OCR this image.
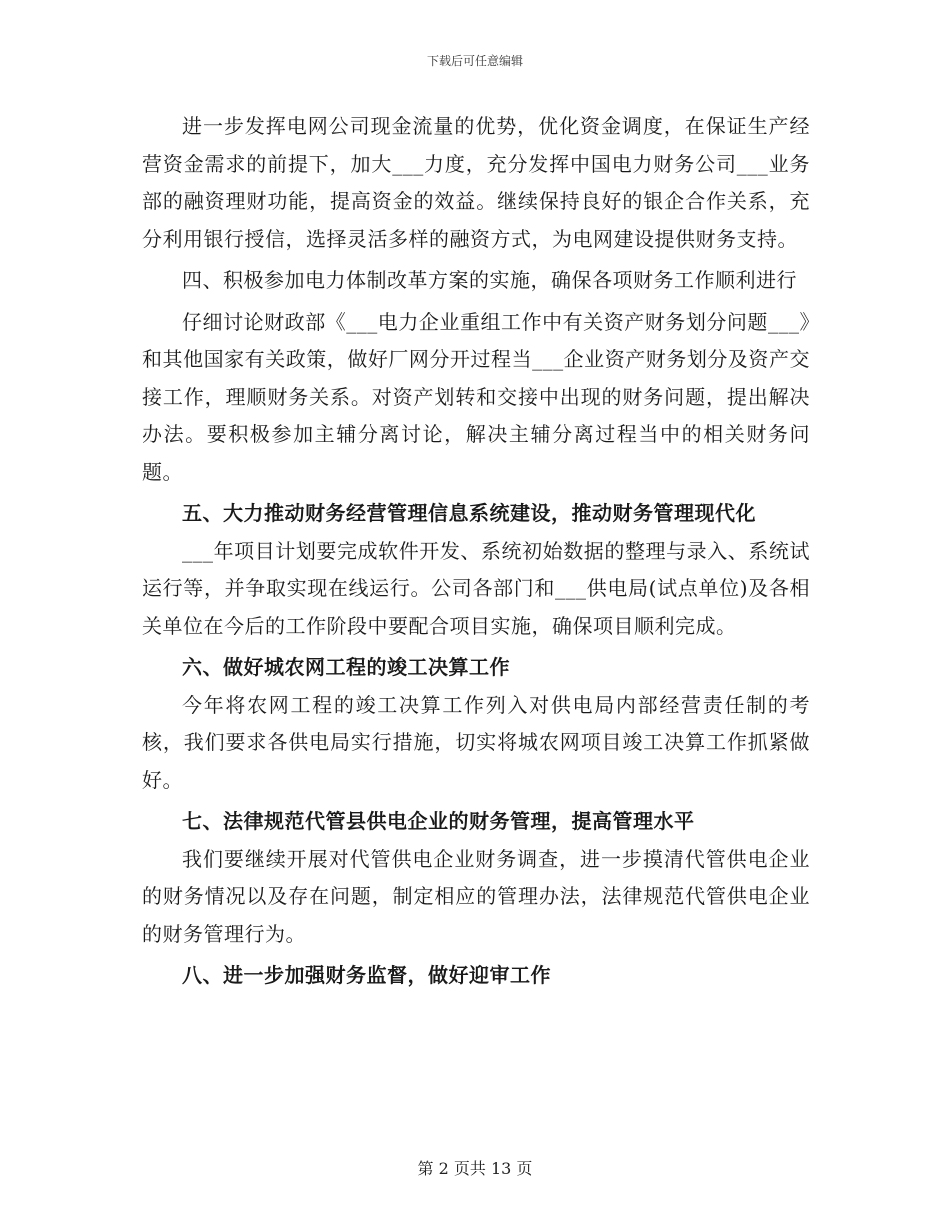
下载后可任意编辑

进一步发挥电网公司现金流量的优势，优化资金调度，在保证生产经营资金需求的前提下，加大___力度，充分发挥中国电力财务公司___业务部的融资理财功能，提高资金的效益。继续保持良好的银企合作关系，充分利用银行授信，选择灵活多样的融资方式，为电网建设提供财务支持。

四、积极参加电力体制改革方案的实施，确保各项财务工作顺利进行

仔细讨论财政部《___电力企业重组工作中有关资产财务划分问题___》和其他国家有关政策，做好厂网分开过程当___企业资产财务划分及资产交接工作，理顺财务关系。对资产划转和交接中出现的财务问题，提出解决办法。要积极参加主辅分离讨论，解决主辅分离过程当中的相关财务问题。

五、大力推动财务经营管理信息系统建设，推动财务管理现代化

___年项目计划要完成软件开发、系统初始数据的整理与录入、系统试运行等，并争取实现在线运行。公司各部门和___供电局(试点单位)及各相关单位在今后的工作阶段中要配合项目实施，确保项目顺利完成。

六、做好城农网工程的竣工决算工作

今年将农网工程的竣工决算工作列入对供电局内部经营责任制的考核，我们要求各供电局实行措施，切实将城农网项目竣工决算工作抓紧做好。

七、法律规范代管县供电企业的财务管理，提高管理水平

我们要继续开展对代管供电企业财务调查，进一步摸清代管供电企业的财务情况以及存在问题，制定相应的管理办法，法律规范代管供电企业的财务管理行为。

八、进一步加强财务监督，做好迎审工作

第 2 页共 13 页
